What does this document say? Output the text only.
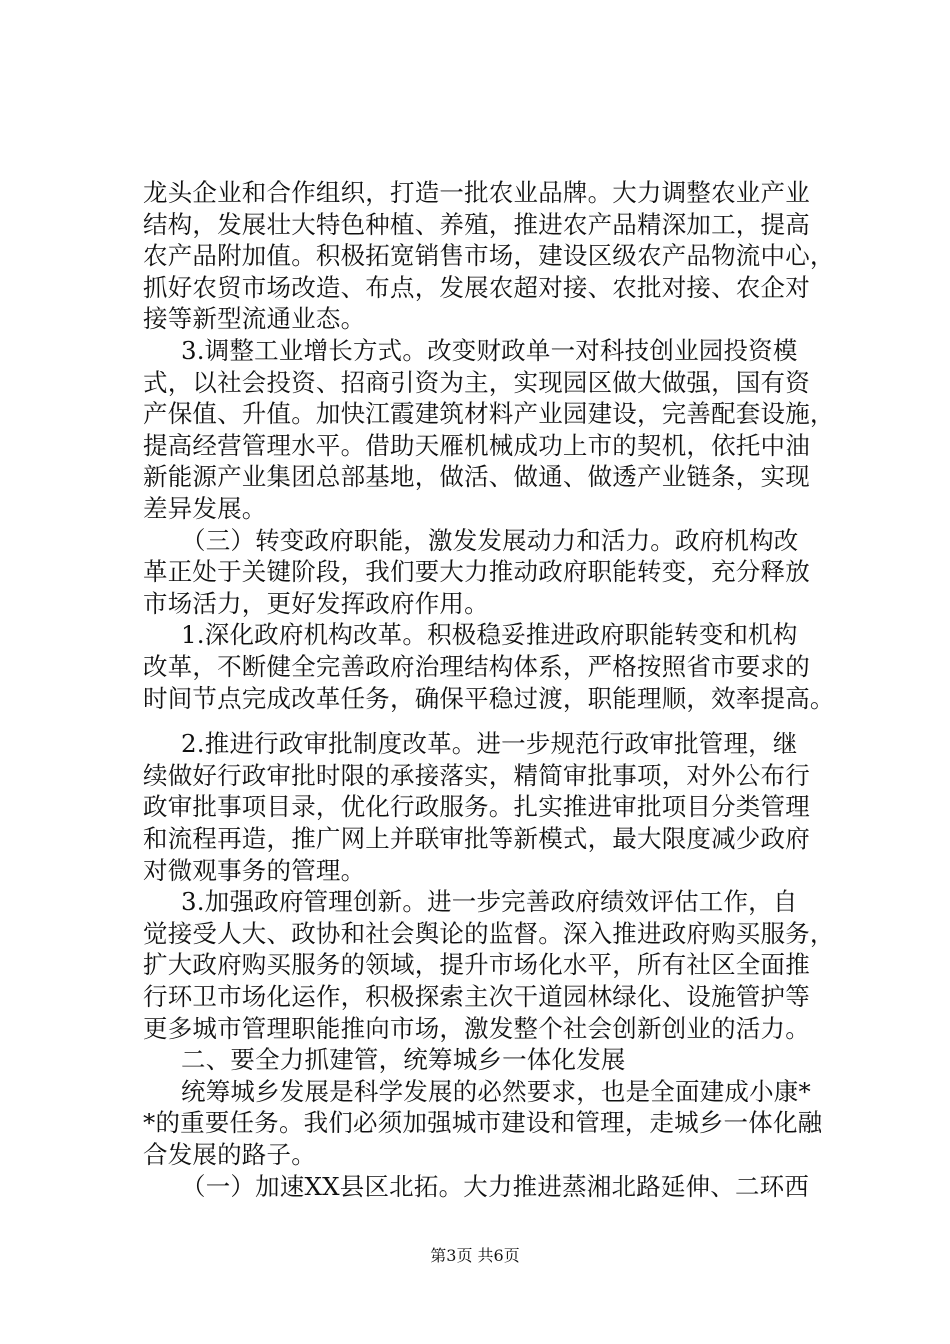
龙头企业和合作组织，打造一批农业品牌。大力调整农业产业
结构，发展壮大特色种植、养殖，推进农产品精深加工，提高
农产品附加值。积极拓宽销售市场，建设区级农产品物流中心，
抓好农贸市场改造、布点，发展农超对接、农批对接、农企对
接等新型流通业态。
3.调整工业增长方式。改变财政单一对科技创业园投资模
式，以社会投资、招商引资为主，实现园区做大做强，国有资
产保值、升值。加快江霞建筑材料产业园建设，完善配套设施，
提高经营管理水平。借助天雁机械成功上市的契机，依托中油
新能源产业集团总部基地，做活、做通、做透产业链条，实现
差异发展。
（三）转变政府职能，激发发展动力和活力。政府机构改
革正处于关键阶段，我们要大力推动政府职能转变，充分释放
市场活力，更好发挥政府作用。
1.深化政府机构改革。积极稳妥推进政府职能转变和机构
改革，不断健全完善政府治理结构体系，严格按照省市要求的
时间节点完成改革任务，确保平稳过渡，职能理顺，效率提高。
2.推进行政审批制度改革。进一步规范行政审批管理，继
续做好行政审批时限的承接落实，精简审批事项，对外公布行
政审批事项目录，优化行政服务。扎实推进审批项目分类管理
和流程再造，推广网上并联审批等新模式，最大限度减少政府
对微观事务的管理。
3.加强政府管理创新。进一步完善政府绩效评估工作，自
觉接受人大、政协和社会舆论的监督。深入推进政府购买服务，
扩大政府购买服务的领域，提升市场化水平，所有社区全面推
行环卫市场化运作，积极探索主次干道园林绿化、设施管护等
更多城市管理职能推向市场，激发整个社会创新创业的活力。
二、要全力抓建管，统筹城乡一体化发展
统筹城乡发展是科学发展的必然要求，也是全面建成小康*
*的重要任务。我们必须加强城市建设和管理，走城乡一体化融
合发展的路子。
（一）加速XX县区北拓。大力推进蒸湘北路延伸、二环西
第3页 共6页
